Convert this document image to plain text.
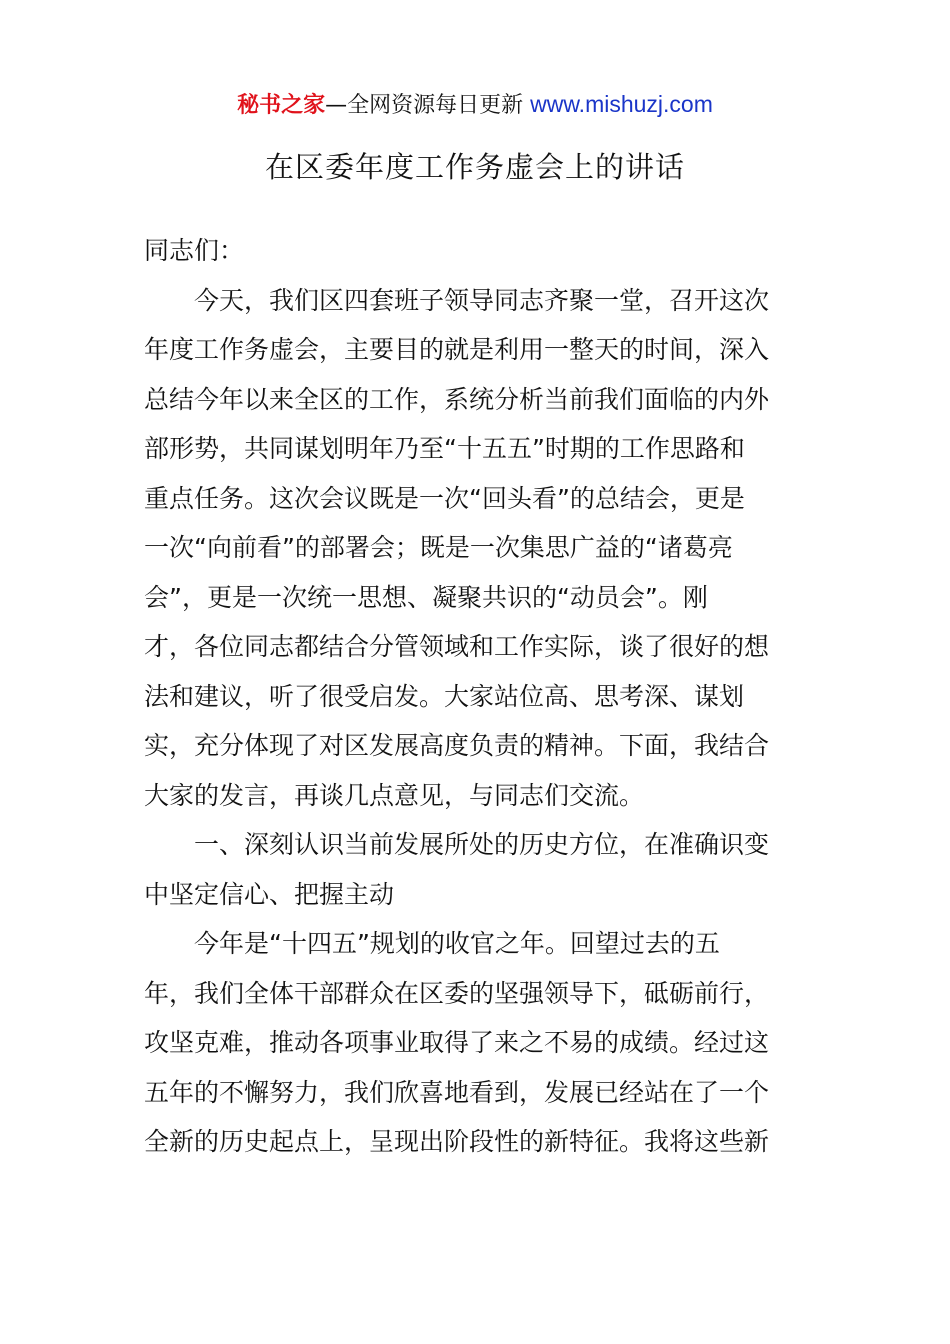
秘书之家—全网资源每日更新 www.mishuzj.com
在区委年度工作务虚会上的讲话
同志们：
今天，我们区四套班子领导同志齐聚一堂，召开这次
年度工作务虚会，主要目的就是利用一整天的时间，深入
总结今年以来全区的工作，系统分析当前我们面临的内外
部形势，共同谋划明年乃至“十五五”时期的工作思路和
重点任务。这次会议既是一次“回头看”的总结会，更是
一次“向前看”的部署会；既是一次集思广益的“诸葛亮
会”，更是一次统一思想、凝聚共识的“动员会”。刚
才，各位同志都结合分管领域和工作实际，谈了很好的想
法和建议，听了很受启发。大家站位高、思考深、谋划
实，充分体现了对区发展高度负责的精神。下面，我结合
大家的发言，再谈几点意见，与同志们交流。
一、深刻认识当前发展所处的历史方位，在准确识变
中坚定信心、把握主动
今年是“十四五”规划的收官之年。回望过去的五
年，我们全体干部群众在区委的坚强领导下，砥砺前行，
攻坚克难，推动各项事业取得了来之不易的成绩。经过这
五年的不懈努力，我们欣喜地看到，发展已经站在了一个
全新的历史起点上，呈现出阶段性的新特征。我将这些新
